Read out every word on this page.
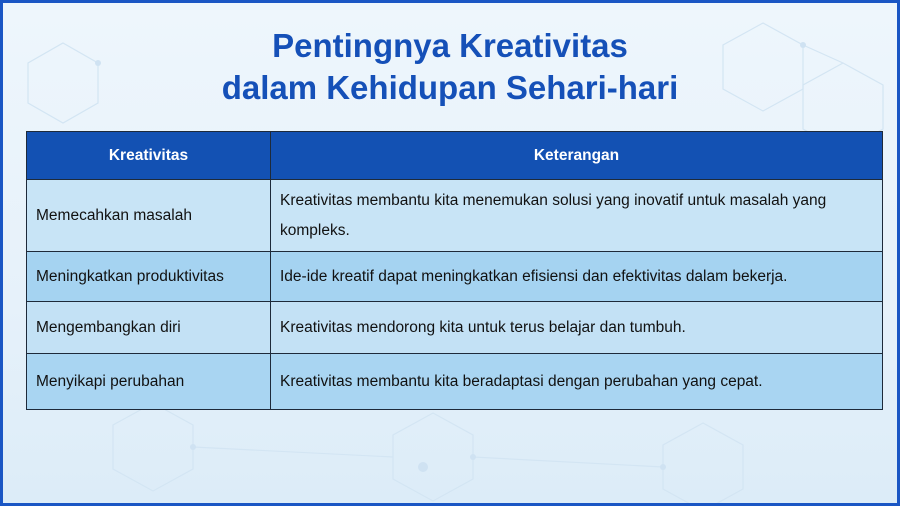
Pentingnya Kreativitas
dalam Kehidupan Sehari-hari
Kreativitas	Keterangan
Memecahkan masalah	Kreativitas membantu kita menemukan solusi yang inovatif untuk masalah yang kompleks.
Meningkatkan produktivitas	Ide-ide kreatif dapat meningkatkan efisiensi dan efektivitas dalam bekerja.
Mengembangkan diri	Kreativitas mendorong kita untuk terus belajar dan tumbuh.
Menyikapi perubahan	Kreativitas membantu kita beradaptasi dengan perubahan yang cepat.
